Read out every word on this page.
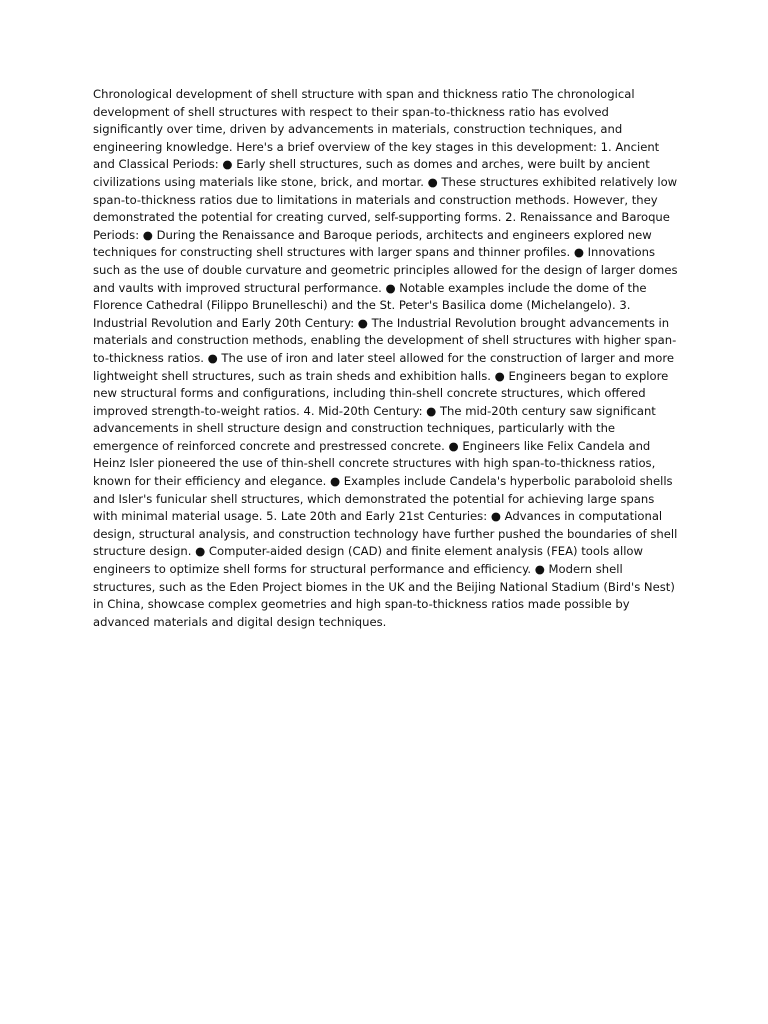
Chronological development of shell structure with span and thickness ratio The chronological development of shell structures with respect to their span-to-thickness ratio has evolved significantly over time, driven by advancements in materials, construction techniques, and engineering knowledge. Here's a brief overview of the key stages in this development: 1. Ancient and Classical Periods: ● Early shell structures, such as domes and arches, were built by ancient civilizations using materials like stone, brick, and mortar. ● These structures exhibited relatively low span-to-thickness ratios due to limitations in materials and construction methods. However, they demonstrated the potential for creating curved, self-supporting forms. 2. Renaissance and Baroque Periods: ● During the Renaissance and Baroque periods, architects and engineers explored new techniques for constructing shell structures with larger spans and thinner profiles. ● Innovations such as the use of double curvature and geometric principles allowed for the design of larger domes and vaults with improved structural performance. ● Notable examples include the dome of the Florence Cathedral (Filippo Brunelleschi) and the St. Peter's Basilica dome (Michelangelo). 3. Industrial Revolution and Early 20th Century: ● The Industrial Revolution brought advancements in materials and construction methods, enabling the development of shell structures with higher span-to-thickness ratios. ● The use of iron and later steel allowed for the construction of larger and more lightweight shell structures, such as train sheds and exhibition halls. ● Engineers began to explore new structural forms and configurations, including thin-shell concrete structures, which offered improved strength-to-weight ratios. 4. Mid-20th Century: ● The mid-20th century saw significant advancements in shell structure design and construction techniques, particularly with the emergence of reinforced concrete and prestressed concrete. ● Engineers like Felix Candela and Heinz Isler pioneered the use of thin-shell concrete structures with high span-to-thickness ratios, known for their efficiency and elegance. ● Examples include Candela's hyperbolic paraboloid shells and Isler's funicular shell structures, which demonstrated the potential for achieving large spans with minimal material usage. 5. Late 20th and Early 21st Centuries: ● Advances in computational design, structural analysis, and construction technology have further pushed the boundaries of shell structure design. ● Computer-aided design (CAD) and finite element analysis (FEA) tools allow engineers to optimize shell forms for structural performance and efficiency. ● Modern shell structures, such as the Eden Project biomes in the UK and the Beijing National Stadium (Bird's Nest) in China, showcase complex geometries and high span-to-thickness ratios made possible by advanced materials and digital design techniques.
